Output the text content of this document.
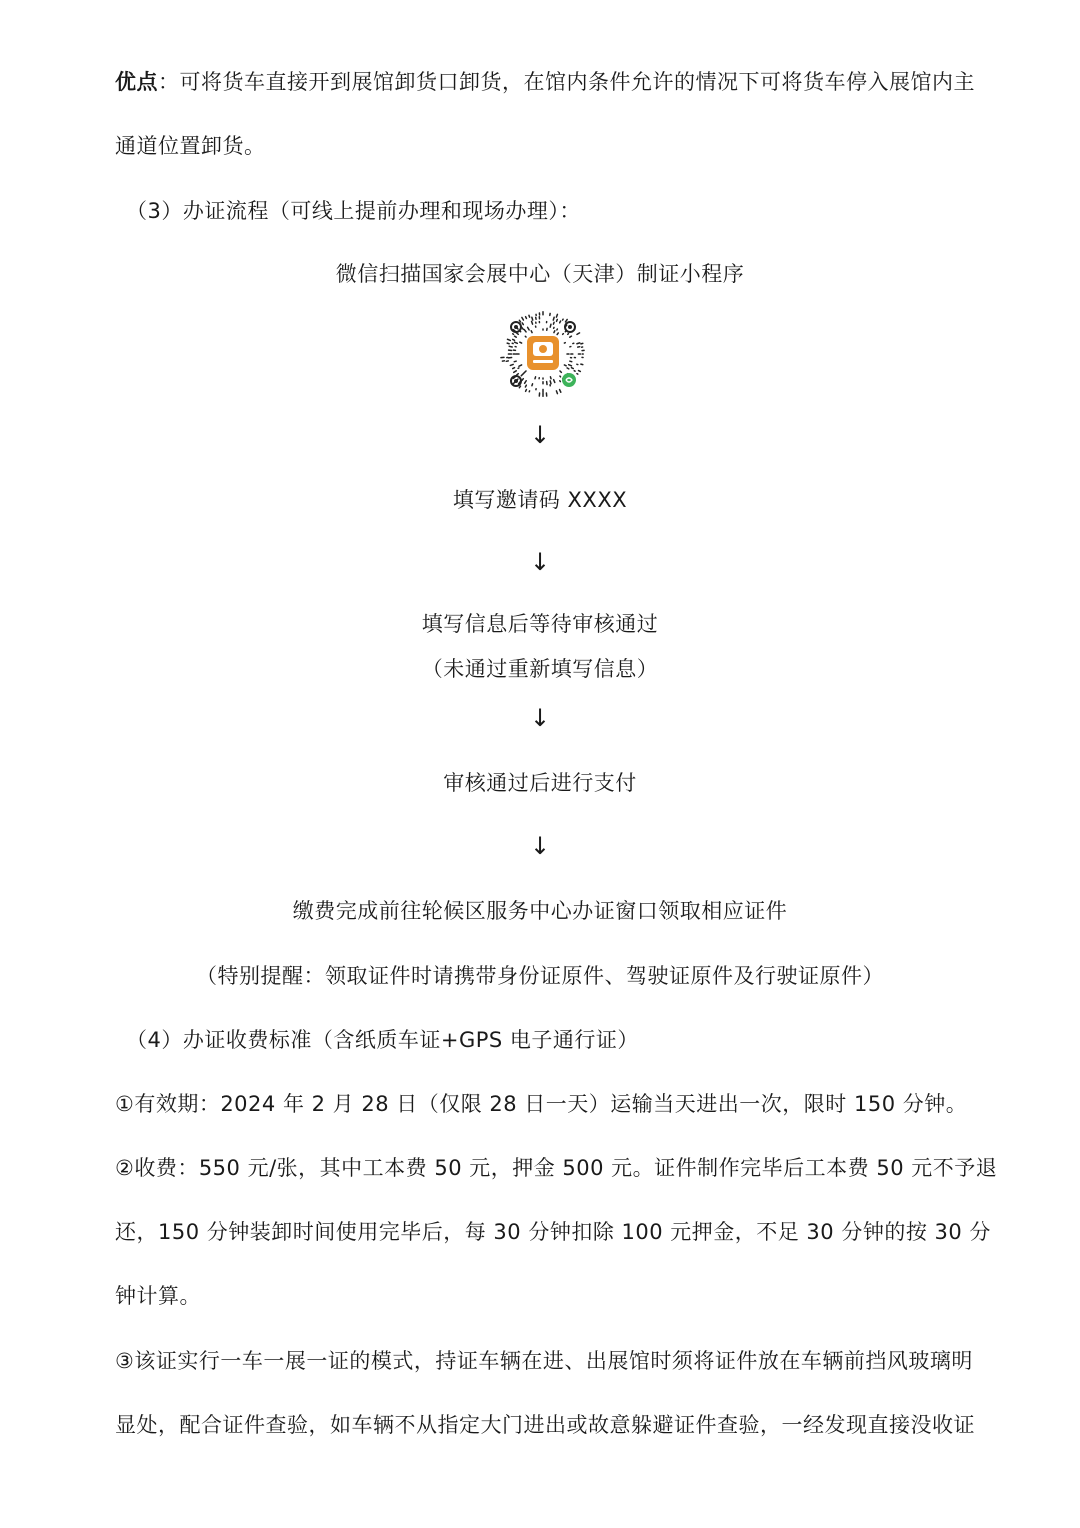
优点：可将货车直接开到展馆卸货口卸货，在馆内条件允许的情况下可将货车停入展馆内主
通道位置卸货。
（3）办证流程（可线上提前办理和现场办理）：
微信扫描国家会展中心（天津）制证小程序
↓
填写邀请码 XXXX
↓
填写信息后等待审核通过
（未通过重新填写信息）
↓
审核通过后进行支付
↓
缴费完成前往轮候区服务中心办证窗口领取相应证件
（特别提醒：领取证件时请携带身份证原件、驾驶证原件及行驶证原件）
（4）办证收费标准（含纸质车证+GPS 电子通行证）
①有效期：2024 年 2 月 28 日（仅限 28 日一天）运输当天进出一次，限时 150 分钟。
②收费：550 元/张，其中工本费 50 元，押金 500 元。证件制作完毕后工本费 50 元不予退
还，150 分钟装卸时间使用完毕后，每 30 分钟扣除 100 元押金，不足 30 分钟的按 30 分
钟计算。
③该证实行一车一展一证的模式，持证车辆在进、出展馆时须将证件放在车辆前挡风玻璃明
显处，配合证件查验，如车辆不从指定大门进出或故意躲避证件查验，一经发现直接没收证
